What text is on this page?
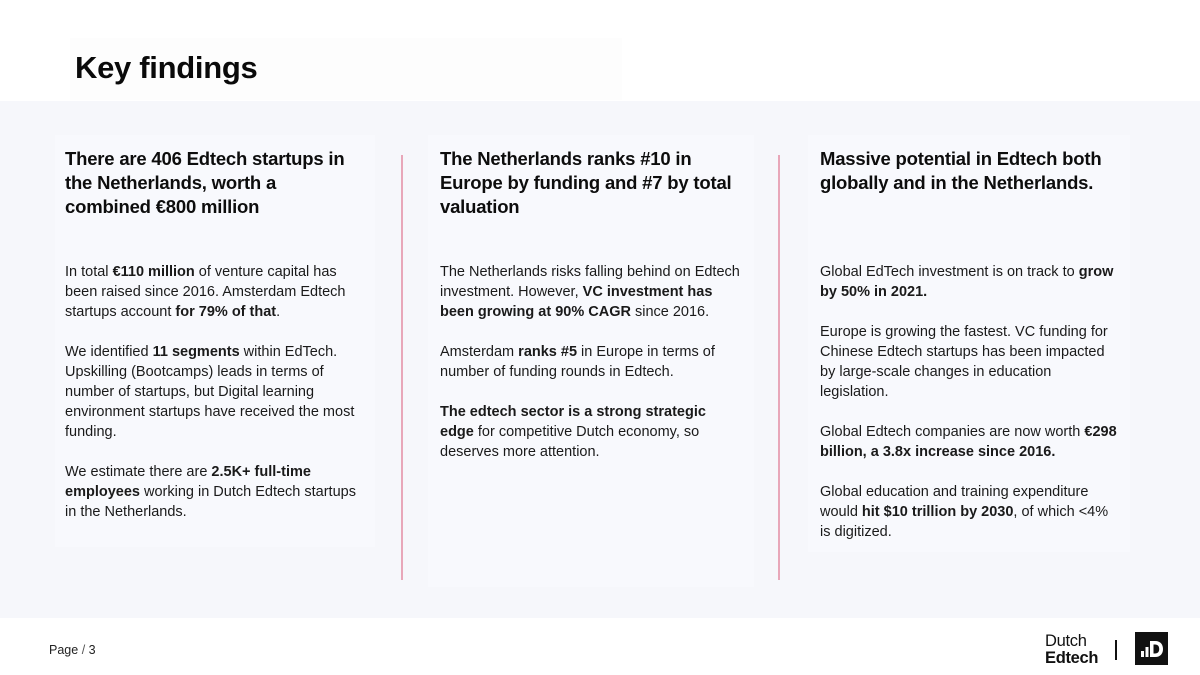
Key findings
There are 406 Edtech startups in the Netherlands, worth a combined €800 million

In total €110 million of venture capital has been raised since 2016. Amsterdam Edtech startups account for 79% of that.

We identified 11 segments within EdTech. Upskilling (Bootcamps) leads in terms of number of startups, but Digital learning environment startups have received the most funding.

We estimate there are 2.5K+ full-time employees working in Dutch Edtech startups in the Netherlands.

The Netherlands ranks #10 in Europe by funding and #7 by total valuation

The Netherlands risks falling behind on Edtech investment. However, VC investment has been growing at 90% CAGR since 2016.

Amsterdam ranks #5 in Europe in terms of number of funding rounds in Edtech.

The edtech sector is a strong strategic edge for competitive Dutch economy, so deserves more attention.

Massive potential in Edtech both globally and in the Netherlands.

Global EdTech investment is on track to grow by 50% in 2021.

Europe is growing the fastest. VC funding for Chinese Edtech startups has been impacted by large-scale changes in education legislation.

Global Edtech companies are now worth €298 billion, a 3.8x increase since 2016.

Global education and training expenditure would hit $10 trillion by 2030, of which <4% is digitized.

Page / 3	Dutch
Edtech
